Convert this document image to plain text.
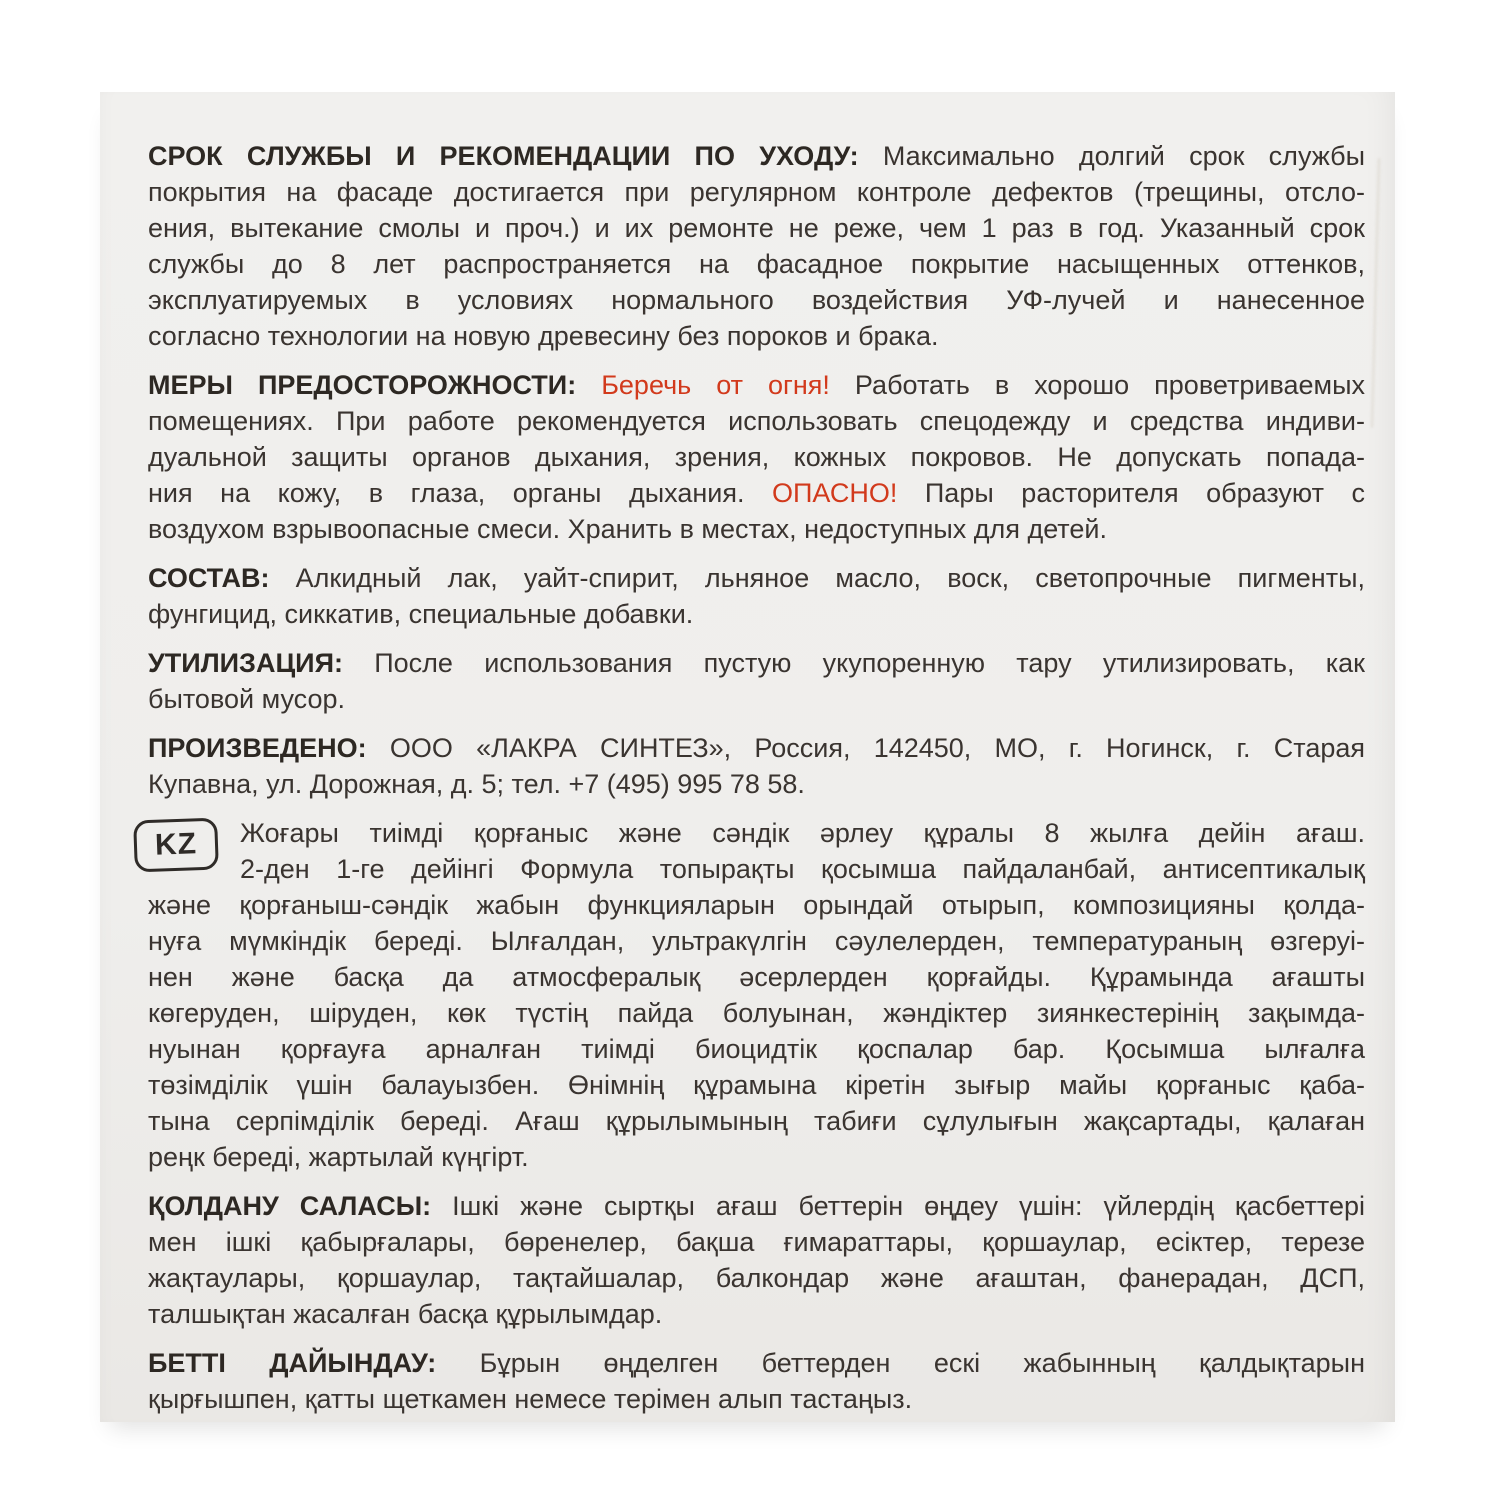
СРОК СЛУЖБЫ И РЕКОМЕНДАЦИИ ПО УХОДУ: Максимально долгий срок службы
покрытия на фасаде достигается при регулярном контроле дефектов (трещины, отсло-
ения, вытекание смолы и проч.) и их ремонте не реже, чем 1 раз в год. Указанный срок
службы до 8 лет распространяется на фасадное покрытие насыщенных оттенков,
эксплуатируемых в условиях нормального воздействия УФ-лучей и нанесенное
согласно технологии на новую древесину без пороков и брака.
МЕРЫ ПРЕДОСТОРОЖНОСТИ: Беречь от огня! Работать в хорошо проветриваемых
помещениях. При работе рекомендуется использовать спецодежду и средства индиви-
дуальной защиты органов дыхания, зрения, кожных покровов. Не допускать попада-
ния на кожу, в глаза, органы дыхания. ОПАСНО! Пары расторителя образуют с
воздухом взрывоопасные смеси. Хранить в местах, недоступных для детей.
СОСТАВ: Алкидный лак, уайт-спирит, льняное масло, воск, светопрочные пигменты,
фунгицид, сиккатив, специальные добавки.
УТИЛИЗАЦИЯ: После использования пустую укупоренную тару утилизировать, как
бытовой мусор.
ПРОИЗВЕДЕНО: ООО «ЛАКРА СИНТЕЗ», Россия, 142450, МО, г. Ногинск, г. Старая
Купавна, ул. Дорожная, д. 5; тел. +7 (495) 995 78 58.
KZ	Жоғары тиімді қорғаныс және сәндік әрлеу құралы 8 жылға дейін ағаш.
2-ден 1-ге дейінгі Формула топырақты қосымша пайдаланбай, антисептикалық
және қорғаныш-сәндік жабын функцияларын орындай отырып, композицияны қолда-
нуға мүмкіндік береді. Ылғалдан, ультракүлгін сәулелерден, температураның өзгеруі-
нен және басқа да атмосфералық әсерлерден қорғайды. Құрамында ағашты
көгеруден, шіруден, көк түстің пайда болуынан, жәндіктер зиянкестерінің зақымда-
нуынан қорғауға арналған тиімді биоцидтік қоспалар бар. Қосымша ылғалға
төзімділік үшін балауызбен. Өнімнің құрамына кіретін зығыр майы қорғаныс қаба-
тына серпімділік береді. Ағаш құрылымының табиғи сұлулығын жақсартады, қалаған
реңк береді, жартылай күңгірт.
ҚОЛДАНУ САЛАСЫ: Ішкі және сыртқы ағаш беттерін өңдеу үшін: үйлердің қасбеттері
мен ішкі қабырғалары, бөренелер, бақша ғимараттары, қоршаулар, есіктер, терезе
жақтаулары, қоршаулар, тақтайшалар, балкондар және ағаштан, фанерадан, ДСП,
талшықтан жасалған басқа құрылымдар.
БЕТТІ ДАЙЫНДАУ: Бұрын өңделген беттерден ескі жабынның қалдықтарын
қырғышпен, қатты щеткамен немесе терімен алып тастаңыз.
